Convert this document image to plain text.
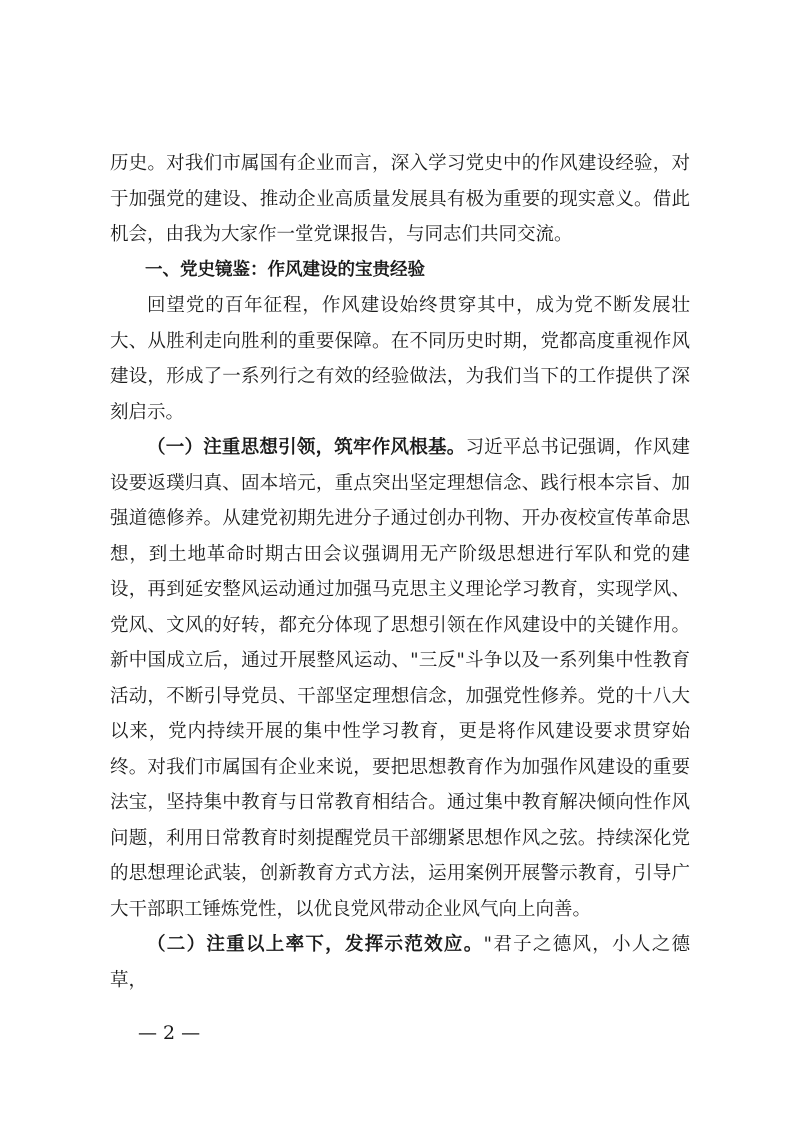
历史。对我们市属国有企业而言，深入学习党史中的作风建设经验，对于加强党的建设、推动企业高质量发展具有极为重要的现实意义。借此机会，由我为大家作一堂党课报告，与同志们共同交流。

一、党史镜鉴：作风建设的宝贵经验

回望党的百年征程，作风建设始终贯穿其中，成为党不断发展壮大、从胜利走向胜利的重要保障。在不同历史时期，党都高度重视作风建设，形成了一系列行之有效的经验做法，为我们当下的工作提供了深刻启示。

（一）注重思想引领，筑牢作风根基。习近平总书记强调，作风建设要返璞归真、固本培元，重点突出坚定理想信念、践行根本宗旨、加强道德修养。从建党初期先进分子通过创办刊物、开办夜校宣传革命思想，到土地革命时期古田会议强调用无产阶级思想进行军队和党的建设，再到延安整风运动通过加强马克思主义理论学习教育，实现学风、党风、文风的好转，都充分体现了思想引领在作风建设中的关键作用。新中国成立后，通过开展整风运动、"三反"斗争以及一系列集中性教育活动，不断引导党员、干部坚定理想信念，加强党性修养。党的十八大以来，党内持续开展的集中性学习教育，更是将作风建设要求贯穿始终。对我们市属国有企业来说，要把思想教育作为加强作风建设的重要法宝，坚持集中教育与日常教育相结合。通过集中教育解决倾向性作风问题，利用日常教育时刻提醒党员干部绷紧思想作风之弦。持续深化党的思想理论武装，创新教育方式方法，运用案例开展警示教育，引导广大干部职工锤炼党性，以优良党风带动企业风气向上向善。

（二）注重以上率下，发挥示范效应。"君子之德风，小人之德草，

— 2 —
